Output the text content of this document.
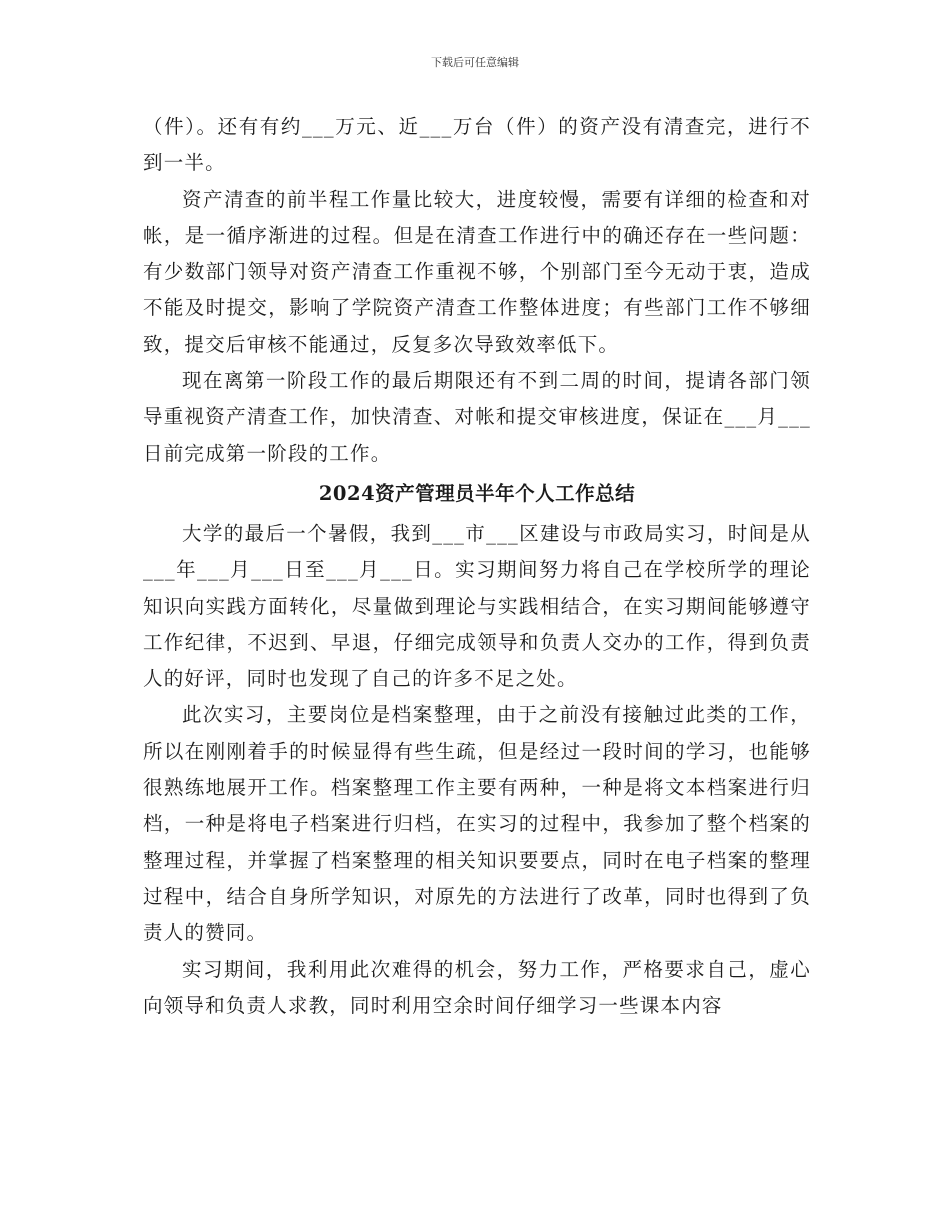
下载后可任意编辑

（件）。还有有约___万元、近___万台（件）的资产没有清查完，进行不到一半。

资产清查的前半程工作量比较大，进度较慢，需要有详细的检查和对帐，是一循序渐进的过程。但是在清查工作进行中的确还存在一些问题：有少数部门领导对资产清查工作重视不够，个别部门至今无动于衷，造成不能及时提交，影响了学院资产清查工作整体进度；有些部门工作不够细致，提交后审核不能通过，反复多次导致效率低下。

现在离第一阶段工作的最后期限还有不到二周的时间，提请各部门领导重视资产清查工作，加快清查、对帐和提交审核进度，保证在___月___日前完成第一阶段的工作。

2024资产管理员半年个人工作总结

大学的最后一个暑假，我到___市___区建设与市政局实习，时间是从___年___月___日至___月___日。实习期间努力将自己在学校所学的理论知识向实践方面转化，尽量做到理论与实践相结合，在实习期间能够遵守工作纪律，不迟到、早退，仔细完成领导和负责人交办的工作，得到负责人的好评，同时也发现了自己的许多不足之处。

此次实习，主要岗位是档案整理，由于之前没有接触过此类的工作，所以在刚刚着手的时候显得有些生疏，但是经过一段时间的学习，也能够很熟练地展开工作。档案整理工作主要有两种，一种是将文本档案进行归档，一种是将电子档案进行归档，在实习的过程中，我参加了整个档案的整理过程，并掌握了档案整理的相关知识要要点，同时在电子档案的整理过程中，结合自身所学知识，对原先的方法进行了改革，同时也得到了负责人的赞同。

实习期间，我利用此次难得的机会，努力工作，严格要求自己，虚心向领导和负责人求教，同时利用空余时间仔细学习一些课本内容
